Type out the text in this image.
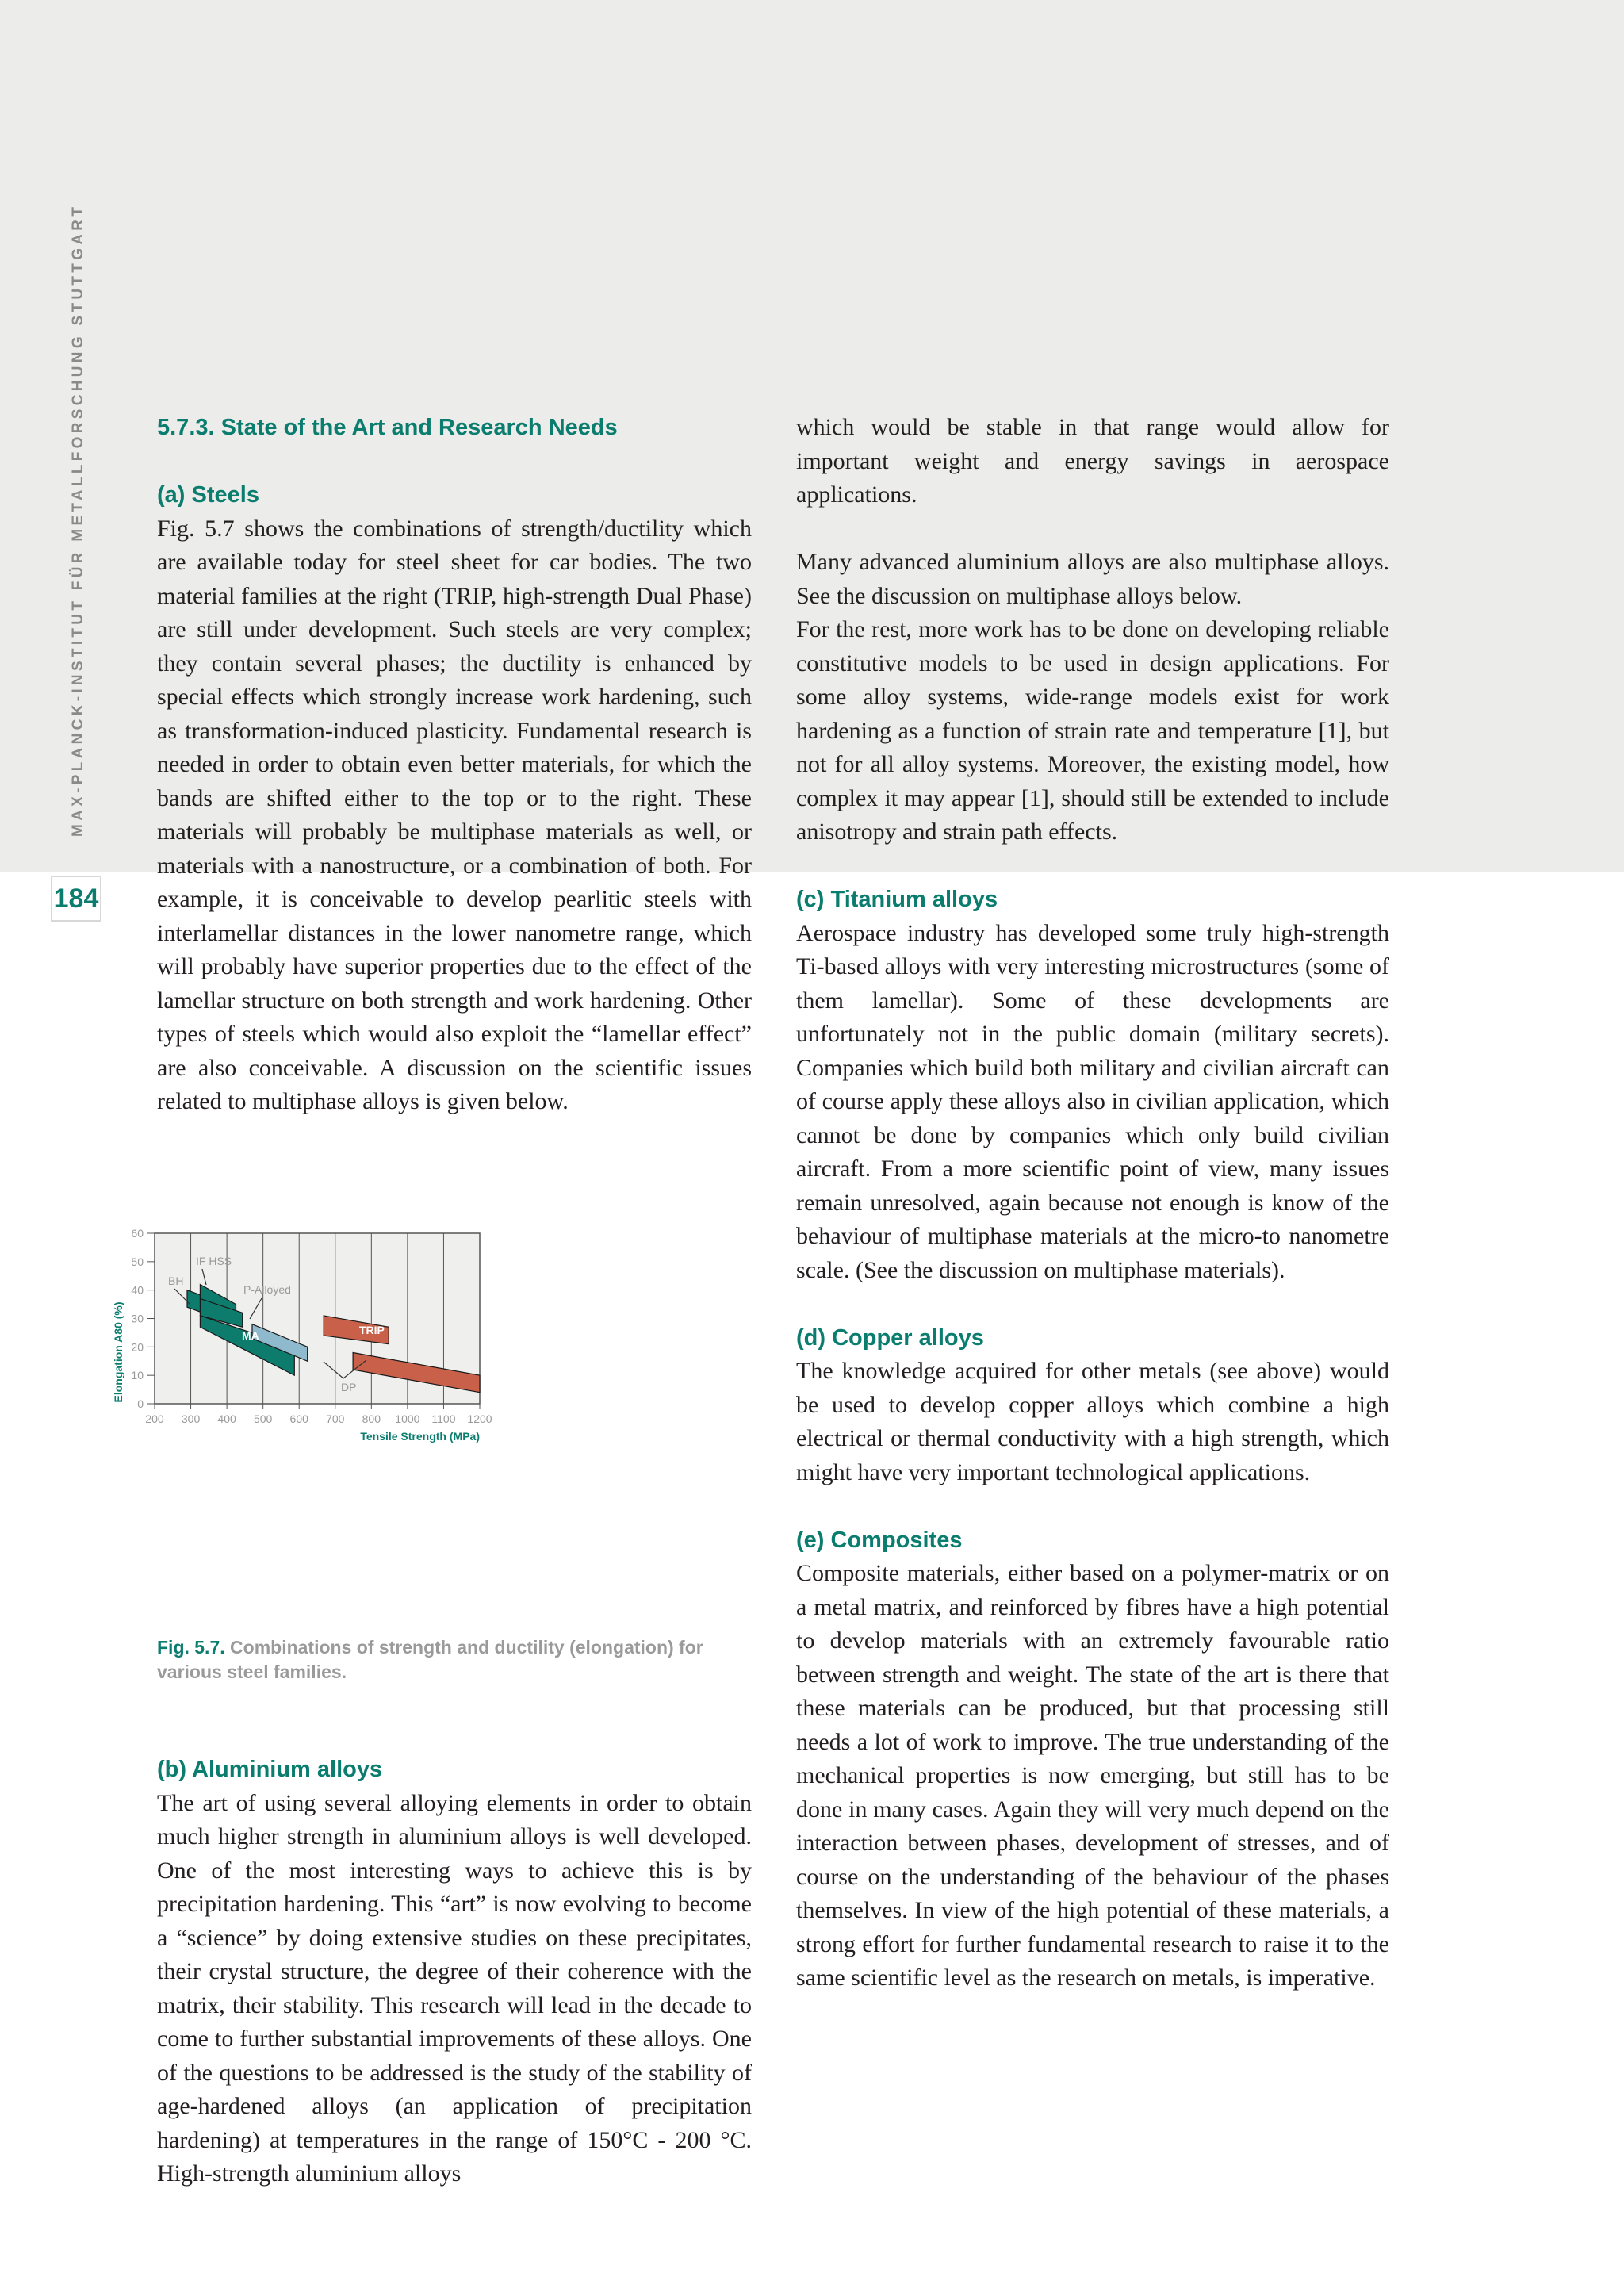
MAX-PLANCK-INSTITUT FÜR METALLFORSCHUNG STUTTGART
184
5.7.3. State of the Art and Research Needs
(a) Steels

Fig. 5.7 shows the combinations of strength/ductility which are available today for steel sheet for car bodies. The two material families at the right (TRIP, high-strength Dual Phase) are still under development. Such steels are very complex; they contain several phases; the ductility is enhanced by special effects which strongly increase work hardening, such as transformation-induced plasticity. Fundamental research is needed in order to obtain even better materials, for which the bands are shifted either to the top or to the right. These materials will probably be multiphase materials as well, or materials with a nanostructure, or a combination of both. For example, it is conceivable to develop pearlitic steels with interlamellar distances in the lower nanometre range, which will probably have superior properties due to the effect of the lamellar structure on both strength and work hardening. Other types of steels which would also exploit the “lamellar effect” are also conceivable. A discussion on the scientific issues related to multiphase alloys is given below.

0
10
20
30
40
50
60
200 300 400 500 600 700 800 1000 1100 1200
BH
IF HSS
P-Alloyed
MA	TRIP
DP
Tensile Strength (MPa)
Elongation A80 (%)
Fig. 5.7. Combinations of strength and ductility (elongation) for various steel families.
(b) Aluminium alloys

The art of using several alloying elements in order to obtain much higher strength in aluminium alloys is well developed. One of the most interesting ways to achieve this is by precipitation hardening. This “art” is now evolving to become a “science” by doing extensive studies on these precipitates, their crystal structure, the degree of their coherence with the matrix, their stability. This research will lead in the decade to come to further substantial improvements of these alloys. One of the questions to be addressed is the study of the stability of age-hardened alloys (an application of precipitation hardening) at temperatures in the range of 150°C - 200 °C. High-strength aluminium alloys

which would be stable in that range would allow for important weight and energy savings in aerospace applications.

Many advanced aluminium alloys are also multiphase alloys. See the discussion on multiphase alloys below.

For the rest, more work has to be done on developing reliable constitutive models to be used in design applications. For some alloy systems, wide-range models exist for work hardening as a function of strain rate and temperature [1], but not for all alloy systems. Moreover, the existing model, how complex it may appear [1], should still be extended to include anisotropy and strain path effects.

(c) Titanium alloys

Aerospace industry has developed some truly high-strength Ti-based alloys with very interesting microstructures (some of them lamellar). Some of these developments are unfortunately not in the public domain (military secrets). Companies which build both military and civilian aircraft can of course apply these alloys also in civilian application, which cannot be done by companies which only build civilian aircraft. From a more scientific point of view, many issues remain unresolved, again because not enough is know of the behaviour of multiphase materials at the micro-to nanometre scale. (See the discussion on multiphase materials).

(d) Copper alloys

The knowledge acquired for other metals (see above) would be used to develop copper alloys which combine a high electrical or thermal conductivity with a high strength, which might have very important technological applications.

(e) Composites

Composite materials, either based on a polymer-matrix or on a metal matrix, and reinforced by fibres have a high potential to develop materials with an extremely favourable ratio between strength and weight. The state of the art is there that these materials can be produced, but that processing still needs a lot of work to improve. The true understanding of the mechanical properties is now emerging, but still has to be done in many cases. Again they will very much depend on the interaction between phases, development of stresses, and of course on the understanding of the behaviour of the phases themselves. In view of the high potential of these materials, a strong effort for further fundamental research to raise it to the same scientific level as the research on metals, is imperative.
